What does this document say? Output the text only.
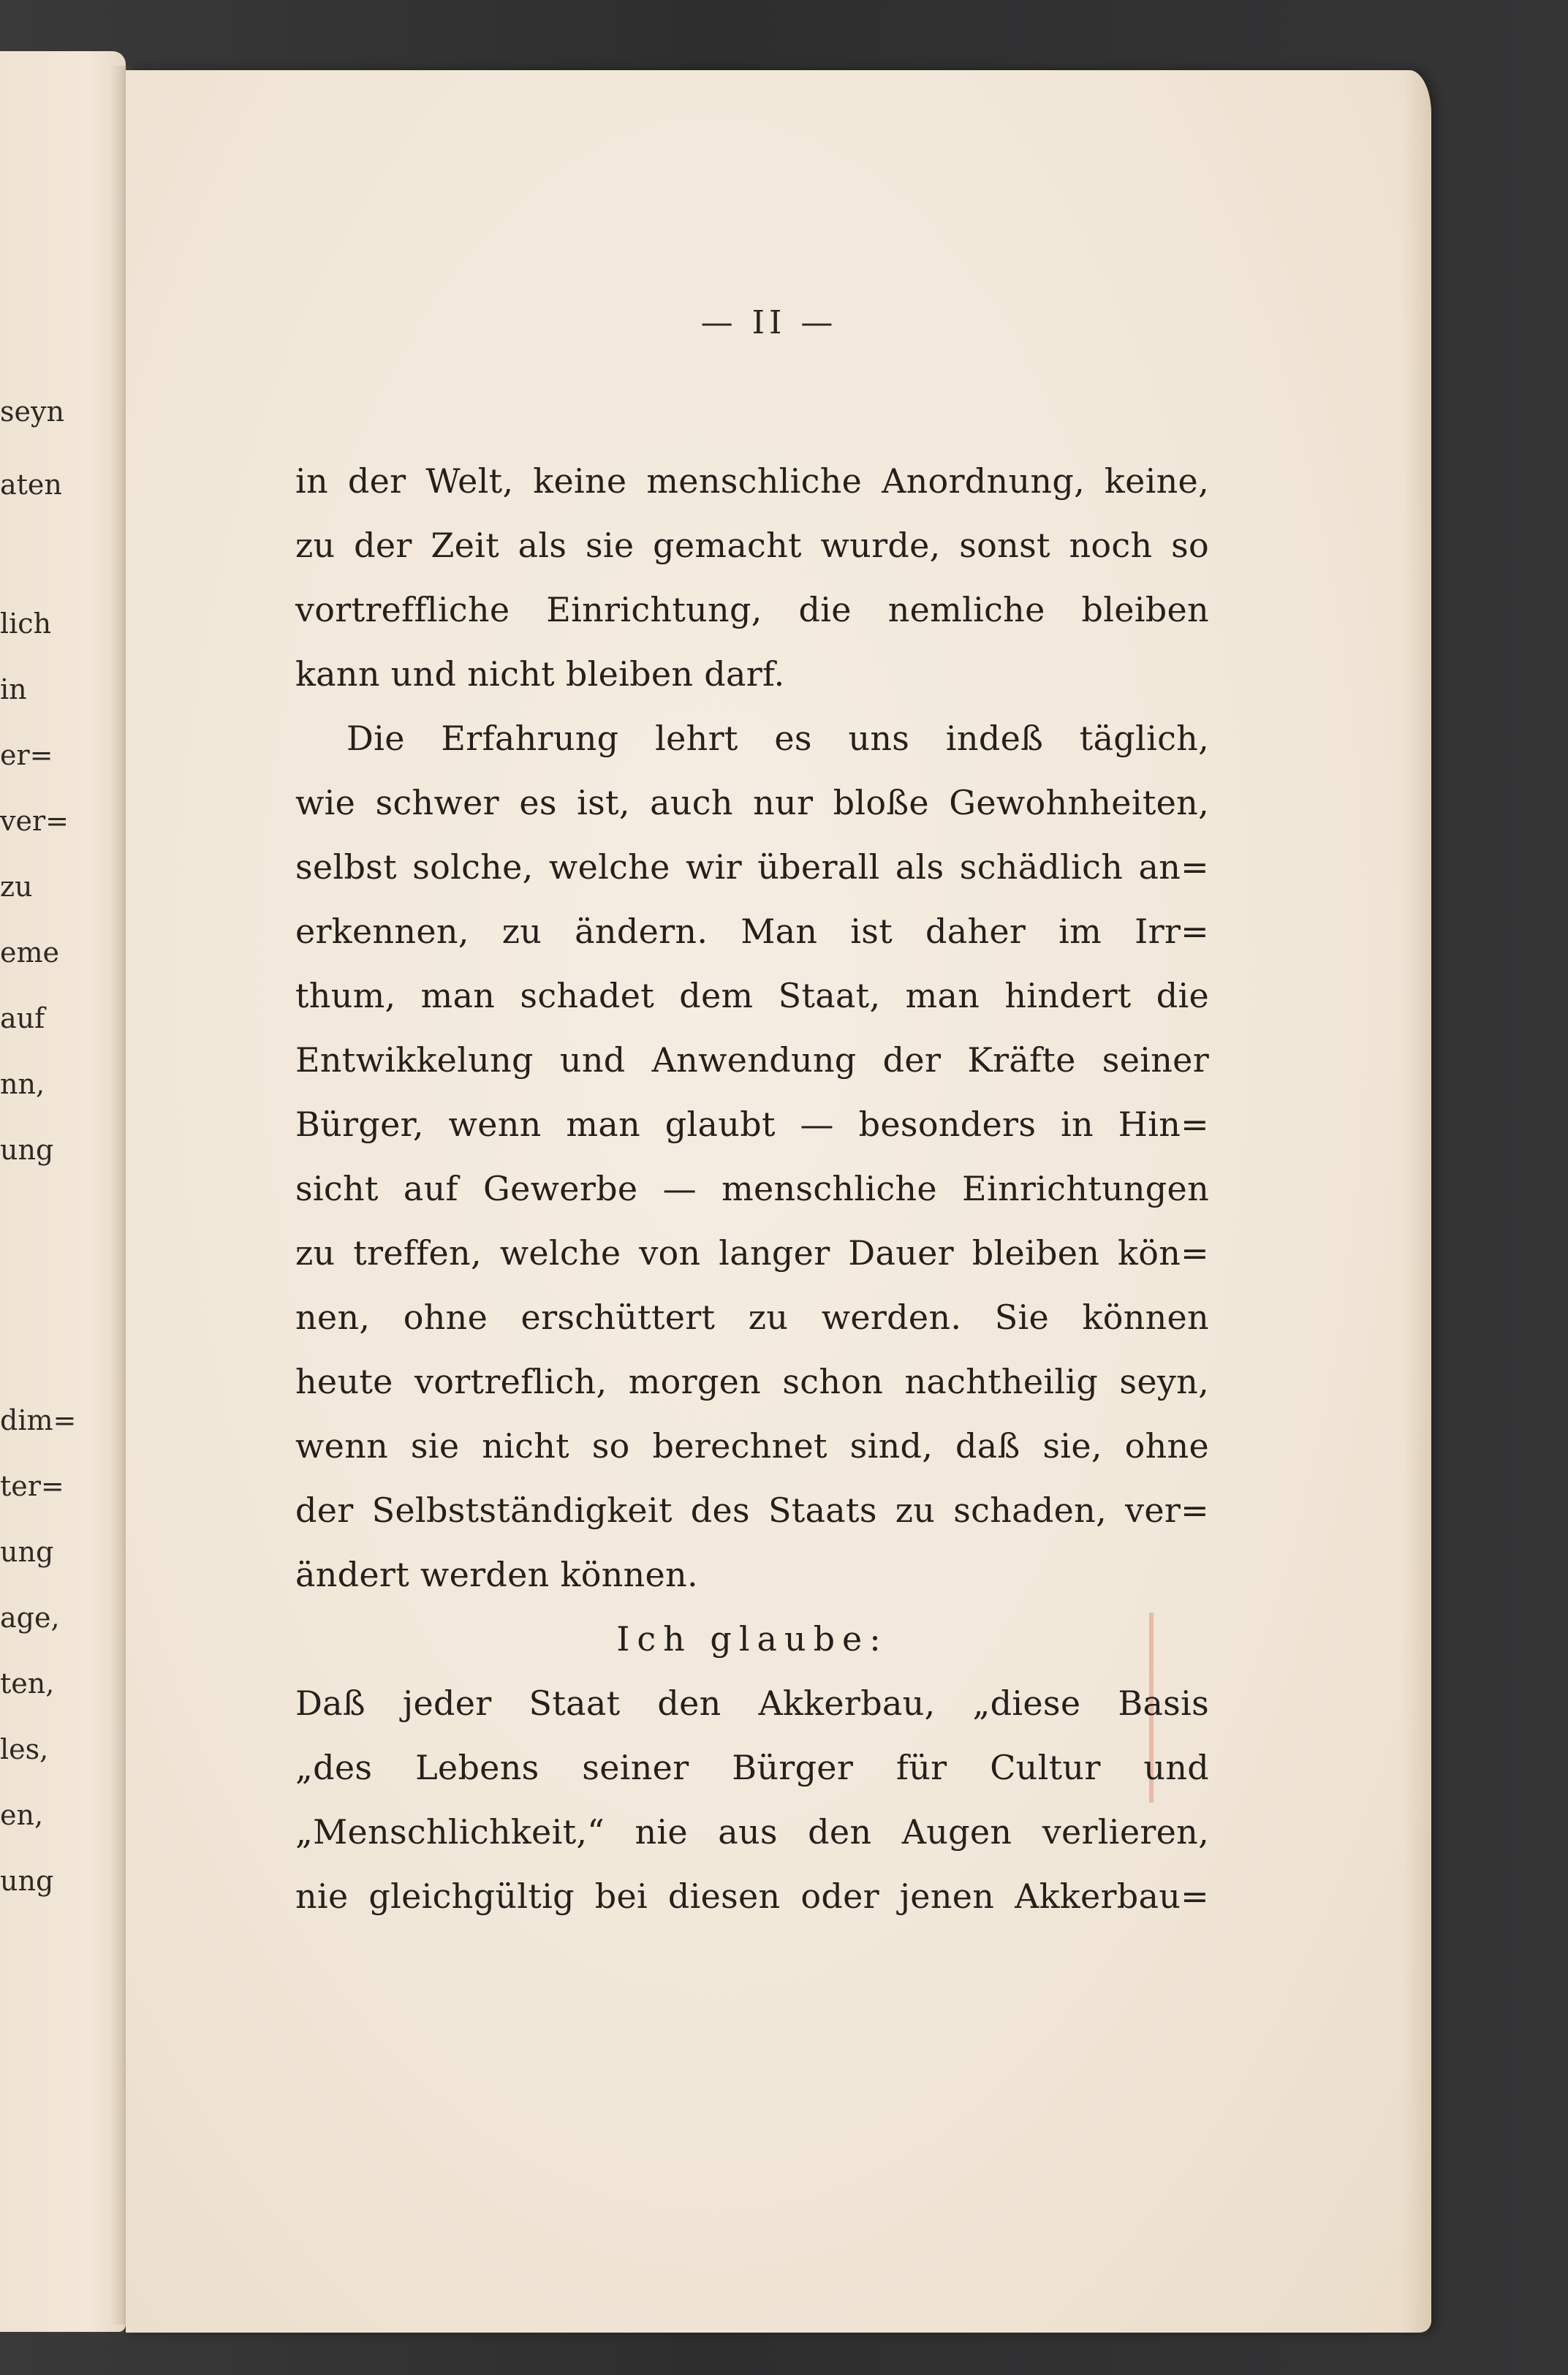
seyn
aten
lich
in
er=
ver=
zu
eme
auf
nn,
ung
dim=
ter=
ung
age,
ten,
les,
en,
ung
— II —
in der Welt, keine menschliche Anordnung, keine,
zu der Zeit als sie gemacht wurde, sonst noch so
vortreffliche Einrichtung, die nemliche bleiben
kann und nicht bleiben darf.
Die Erfahrung lehrt es uns indeß täglich,
wie schwer es ist, auch nur bloße Gewohnheiten,
selbst solche, welche wir überall als schädlich an=
erkennen, zu ändern. Man ist daher im Irr=
thum, man schadet dem Staat, man hindert die
Entwikkelung und Anwendung der Kräfte seiner
Bürger, wenn man glaubt — besonders in Hin=
sicht auf Gewerbe — menschliche Einrichtungen
zu treffen, welche von langer Dauer bleiben kön=
nen, ohne erschüttert zu werden. Sie können
heute vortreflich, morgen schon nachtheilig seyn,
wenn sie nicht so berechnet sind, daß sie, ohne
der Selbstständigkeit des Staats zu schaden, ver=
ändert werden können.
Ich glaube:
Daß jeder Staat den Akkerbau, „diese Basis
„des Lebens seiner Bürger für Cultur und
„Menschlichkeit,“ nie aus den Augen verlieren,
nie gleichgültig bei diesen oder jenen Akkerbau=
